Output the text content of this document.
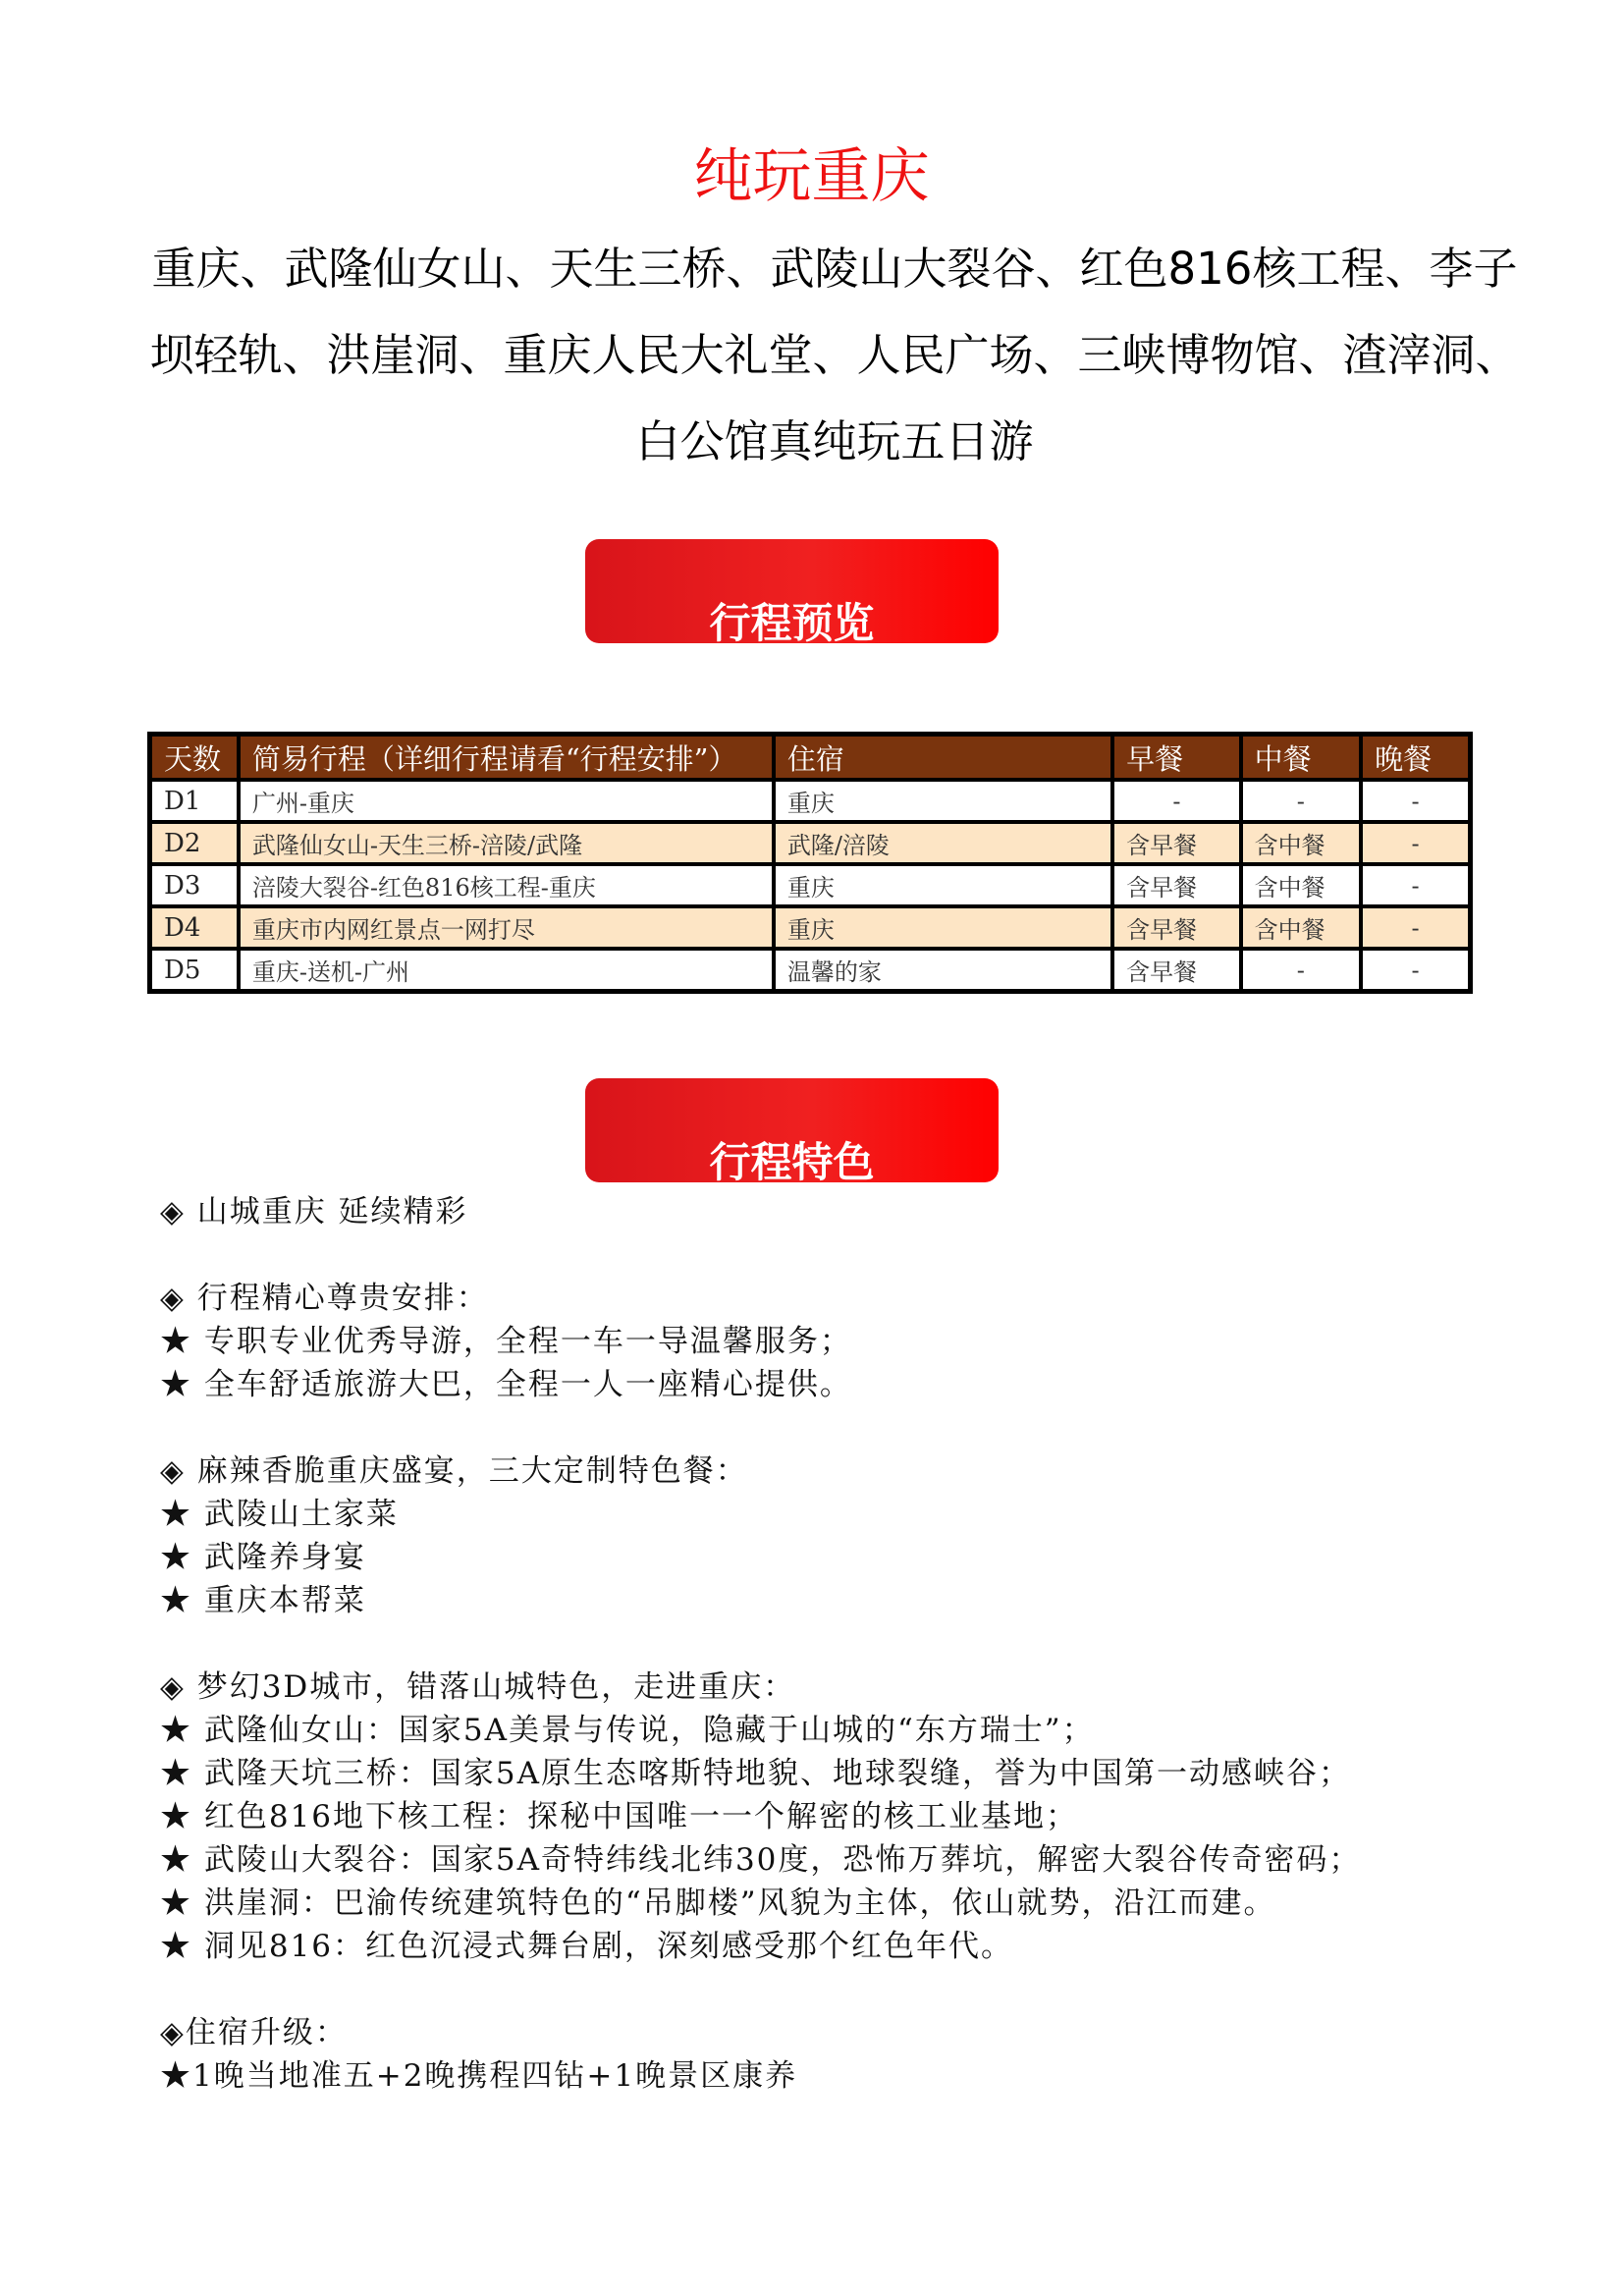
纯玩重庆
重庆、武隆仙女山、天生三桥、武陵山大裂谷、红色816核工程、李子坝轻轨、洪崖洞、重庆人民大礼堂、人民广场、三峡博物馆、渣滓洞、白公馆真纯玩五日游
行程预览
天数	简易行程（详细行程请看“行程安排”）	住宿	早餐	中餐	晚餐
D1	广州-重庆	重庆	-	-	-
D2	武隆仙女山-天生三桥-涪陵/武隆	武隆/涪陵	含早餐	含中餐	-
D3	涪陵大裂谷-红色816核工程-重庆	重庆	含早餐	含中餐	-
D4	重庆市内网红景点一网打尽	重庆	含早餐	含中餐	-
D5	重庆-送机-广州	温馨的家	含早餐	-	-
行程特色
◈ 山城重庆 延续精彩
◈ 行程精心尊贵安排：
★ 专职专业优秀导游，全程一车一导温馨服务；
★ 全车舒适旅游大巴，全程一人一座精心提供。
◈ 麻辣香脆重庆盛宴，三大定制特色餐：
★ 武陵山土家菜
★ 武隆养身宴
★ 重庆本帮菜
◈ 梦幻3D城市，错落山城特色，走进重庆：
★ 武隆仙女山：国家5A美景与传说，隐藏于山城的“东方瑞士”；
★ 武隆天坑三桥：国家5A原生态喀斯特地貌、地球裂缝，誉为中国第一动感峡谷；
★ 红色816地下核工程：探秘中国唯一一个解密的核工业基地；
★ 武陵山大裂谷：国家5A奇特纬线北纬30度，恐怖万葬坑，解密大裂谷传奇密码；
★ 洪崖洞：巴渝传统建筑特色的“吊脚楼”风貌为主体，依山就势，沿江而建。
★ 洞见816：红色沉浸式舞台剧，深刻感受那个红色年代。
◈住宿升级：
★1晚当地准五+2晚携程四钻+1晚景区康养
